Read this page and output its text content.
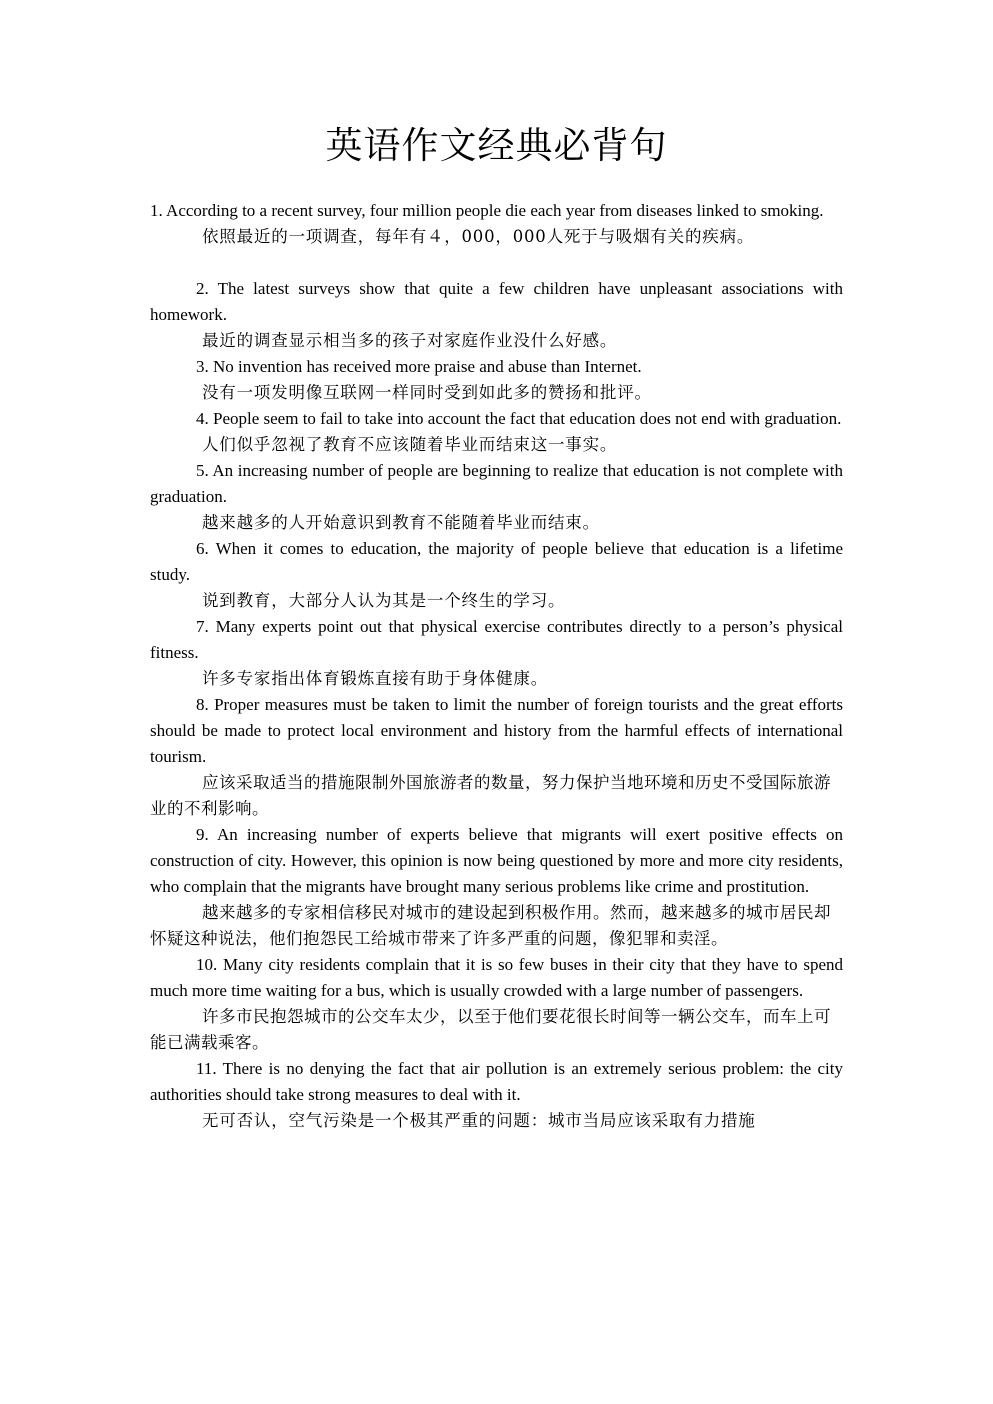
英语作文经典必背句

1. According to a recent survey, four million people die each year from diseases linked to smoking.

依照最近的一项调查，每年有４，000，000人死于与吸烟有关的疾病。

2. The latest surveys show that quite a few children have unpleasant associations with homework.

最近的调查显示相当多的孩子对家庭作业没什么好感。

3. No invention has received more praise and abuse than Internet.

没有一项发明像互联网一样同时受到如此多的赞扬和批评。

4. People seem to fail to take into account the fact that education does not end with graduation.

人们似乎忽视了教育不应该随着毕业而结束这一事实。

5. An increasing number of people are beginning to realize that education is not complete with graduation.

越来越多的人开始意识到教育不能随着毕业而结束。

6. When it comes to education, the majority of people believe that education is a lifetime study.

说到教育，大部分人认为其是一个终生的学习。

7. Many experts point out that physical exercise contributes directly to a person’s physical fitness.

许多专家指出体育锻炼直接有助于身体健康。

8. Proper measures must be taken to limit the number of foreign tourists and the great efforts should be made to protect local environment and history from the harmful effects of international tourism.

应该采取适当的措施限制外国旅游者的数量，努力保护当地环境和历史不受国际旅游业的不利影响。

9. An increasing number of experts believe that migrants will exert positive effects on construction of city. However, this opinion is now being questioned by more and more city residents, who complain that the migrants have brought many serious problems like crime and prostitution.

越来越多的专家相信移民对城市的建设起到积极作用。然而，越来越多的城市居民却怀疑这种说法，他们抱怨民工给城市带来了许多严重的问题，像犯罪和卖淫。

10. Many city residents complain that it is so few buses in their city that they have to spend much more time waiting for a bus, which is usually crowded with a large number of passengers.

许多市民抱怨城市的公交车太少，以至于他们要花很长时间等一辆公交车，而车上可能已满载乘客。

11. There is no denying the fact that air pollution is an extremely serious problem: the city authorities should take strong measures to deal with it.

无可否认，空气污染是一个极其严重的问题：城市当局应该采取有力措施
